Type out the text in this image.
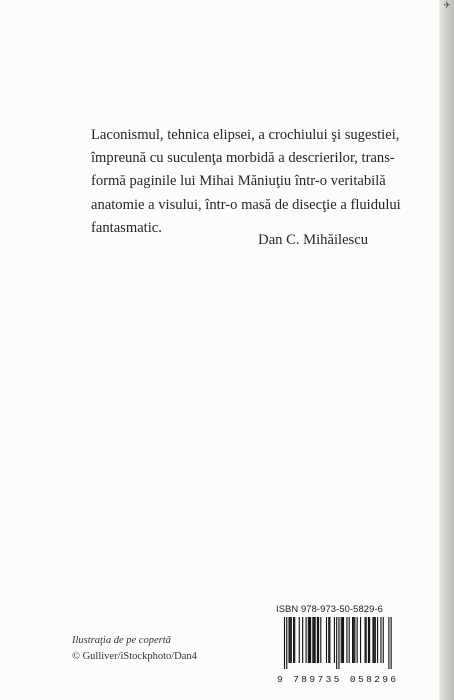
Laconismul, tehnica elipsei, a crochiului şi sugestiei,
împreună cu suculenţa morbidă a descrierilor, trans-
formă paginile lui Mihai Măniuţiu într-o veritabilă
anatomie a visului, într-o masă de disecţie a fluidului
fantasmatic.
Dan C. Mihăilescu
Ilustraţia de pe copertă
© Gulliver/iStockphoto/Dan4
ISBN 978-973-50-5829-6
9 789735 058296
✈
